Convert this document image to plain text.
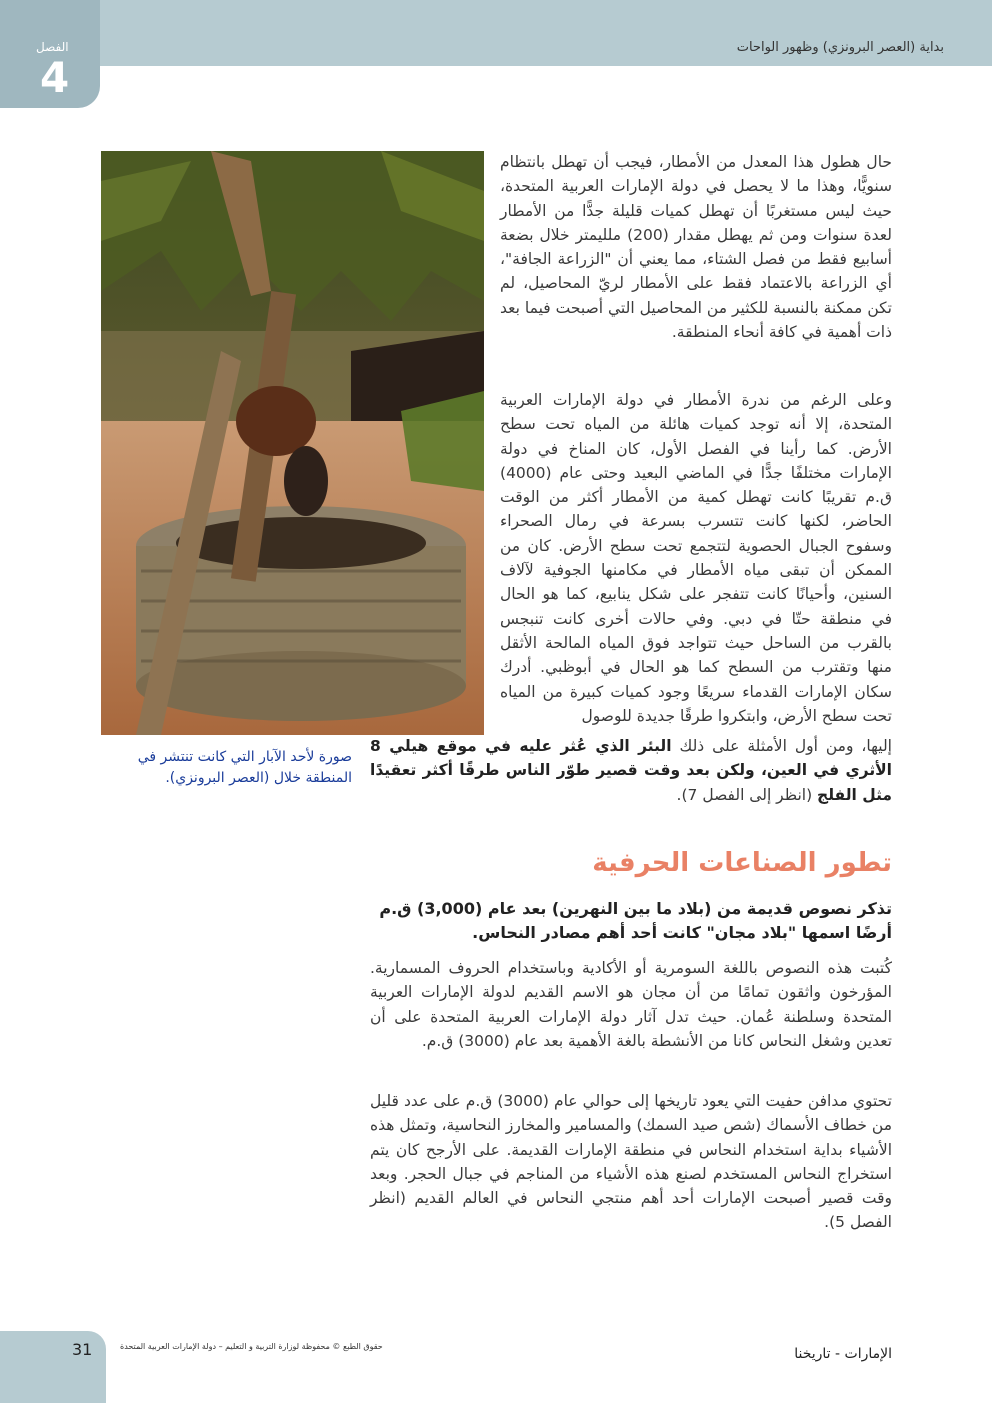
بداية (العصر البرونزي) وظهور الواحات
الفصل
4
صورة لأحد الآبار التي كانت تنتشر في المنطقة خلال (العصر البرونزي).
حال هطول هذا المعدل من الأمطار، فيجب أن تهطل بانتظام سنويًّا، وهذا ما لا يحصل في دولة الإمارات العربية المتحدة، حيث ليس مستغربًا أن تهطل كميات قليلة جدًّا من الأمطار لعدة سنوات ومن ثم يهطل مقدار (200) ملليمتر خلال بضعة أسابيع فقط من فصل الشتاء، مما يعني أن "الزراعة الجافة"، أي الزراعة بالاعتماد فقط على الأمطار لريّ المحاصيل، لم تكن ممكنة بالنسبة للكثير من المحاصيل التي أصبحت فيما بعد ذات أهمية في كافة أنحاء المنطقة.
وعلى الرغم من ندرة الأمطار في دولة الإمارات العربية المتحدة، إلا أنه توجد كميات هائلة من المياه تحت سطح الأرض. كما رأينا في الفصل الأول، كان المناخ في دولة الإمارات مختلفًا جدًّا في الماضي البعيد وحتى عام (4000) ق.م تقريبًا كانت تهطل كمية من الأمطار أكثر من الوقت الحاضر، لكنها كانت تتسرب بسرعة في رمال الصحراء وسفوح الجبال الحصوية لتتجمع تحت سطح الأرض. كان من الممكن أن تبقى مياه الأمطار في مكامنها الجوفية لآلاف السنين، وأحيانًا كانت تتفجر على شكل ينابيع، كما هو الحال في منطقة حتّا في دبي. وفي حالات أخرى كانت تنبجس بالقرب من الساحل حيث تتواجد فوق المياه المالحة الأثقل منها وتقترب من السطح كما هو الحال في أبوظبي. أدرك سكان الإمارات القدماء سريعًا وجود كميات كبيرة من المياه تحت سطح الأرض، وابتكروا طرقًا جديدة للوصول
إليها، ومن أول الأمثلة على ذلك البئر الذي عُثر عليه في موقع هيلي 8 الأثري في العين، ولكن بعد وقت قصير طوّر الناس طرقًا أكثر تعقيدًا مثل الفلج (انظر إلى الفصل 7).
تطور الصناعات الحرفية
تذكر نصوص قديمة من (بلاد ما بين النهرين) بعد عام (3,000) ق.م أرضًا اسمها "بلاد مجان" كانت أحد أهم مصادر النحاس.
كُتبت هذه النصوص باللغة السومرية أو الأكادية وباستخدام الحروف المسمارية. المؤرخون واثقون تمامًا من أن مجان هو الاسم القديم لدولة الإمارات العربية المتحدة وسلطنة عُمان. حيث تدل آثار دولة الإمارات العربية المتحدة على أن تعدين وشغل النحاس كانا من الأنشطة بالغة الأهمية بعد عام (3000) ق.م.
تحتوي مدافن حفيت التي يعود تاريخها إلى حوالي عام (3000) ق.م على عدد قليل من خطاف الأسماك (شص صيد السمك) والمسامير والمخارز النحاسية، وتمثل هذه الأشياء بداية استخدام النحاس في منطقة الإمارات القديمة. على الأرجح كان يتم استخراج النحاس المستخدم لصنع هذه الأشياء من المناجم في جبال الحجر. وبعد وقت قصير أصبحت الإمارات أحد أهم منتجي النحاس في العالم القديم (انظر الفصل 5).
31	حقوق الطبع © محفوظة لوزارة التربية و التعليم – دولة الإمارات العربية المتحدة	الإمارات - تاريخنا
